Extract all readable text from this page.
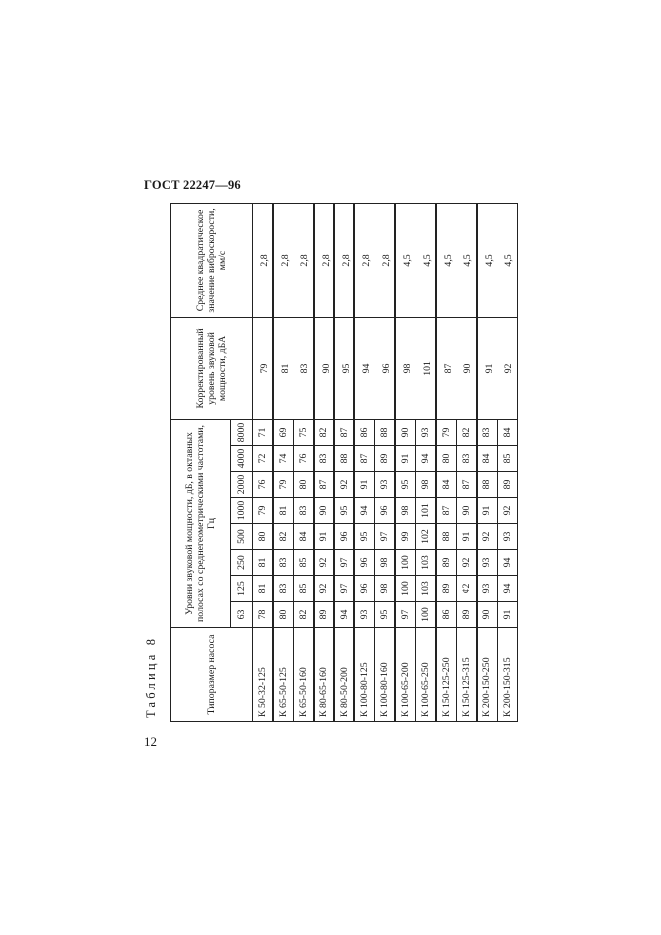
ГОСТ 22247—96
12
Таблица 8	Типоразмер насоса	Уровни звуковой мощности, дБ, в октавных полосах со среднегеометрическими частотами, Гц								Корректированный уровень звуковой мощности, дБА	Среднее квадратическое значение виброскорости, мм/с
	63	125	250	500	1000	2000	4000	8000		
К 50-32-125	78	81	81	80	79	76	72	71	79	2,8
К 65-50-125	80	83	83	82	81	79	74	69	81	2,8
К 65-50-160	82	85	85	84	83	80	76	75	83	2,8
К 80-65-160	89	92	92	91	90	87	83	82	90	2,8
К 80-50-200	94	97	97	96	95	92	88	87	95	2,8
К 100-80-125	93	96	96	95	94	91	87	86	94	2,8
К 100-80-160	95	98	98	97	96	93	89	88	96	2,8
К 100-65-200	97	100	100	99	98	95	91	90	98	4,5
К 100-65-250	100	103	103	102	101	98	94	93	101	4,5
К 150-125-250	86	89	89	88	87	84	80	79	87	4,5
К 150-125-315	89	¢2	92	91	90	87	83	82	90	4,5
К 200-150-250	90	93	93	92	91	88	84	83	91	4,5
К 200-150-315	91	94	94	93	92	89	85	84	92	4,5
